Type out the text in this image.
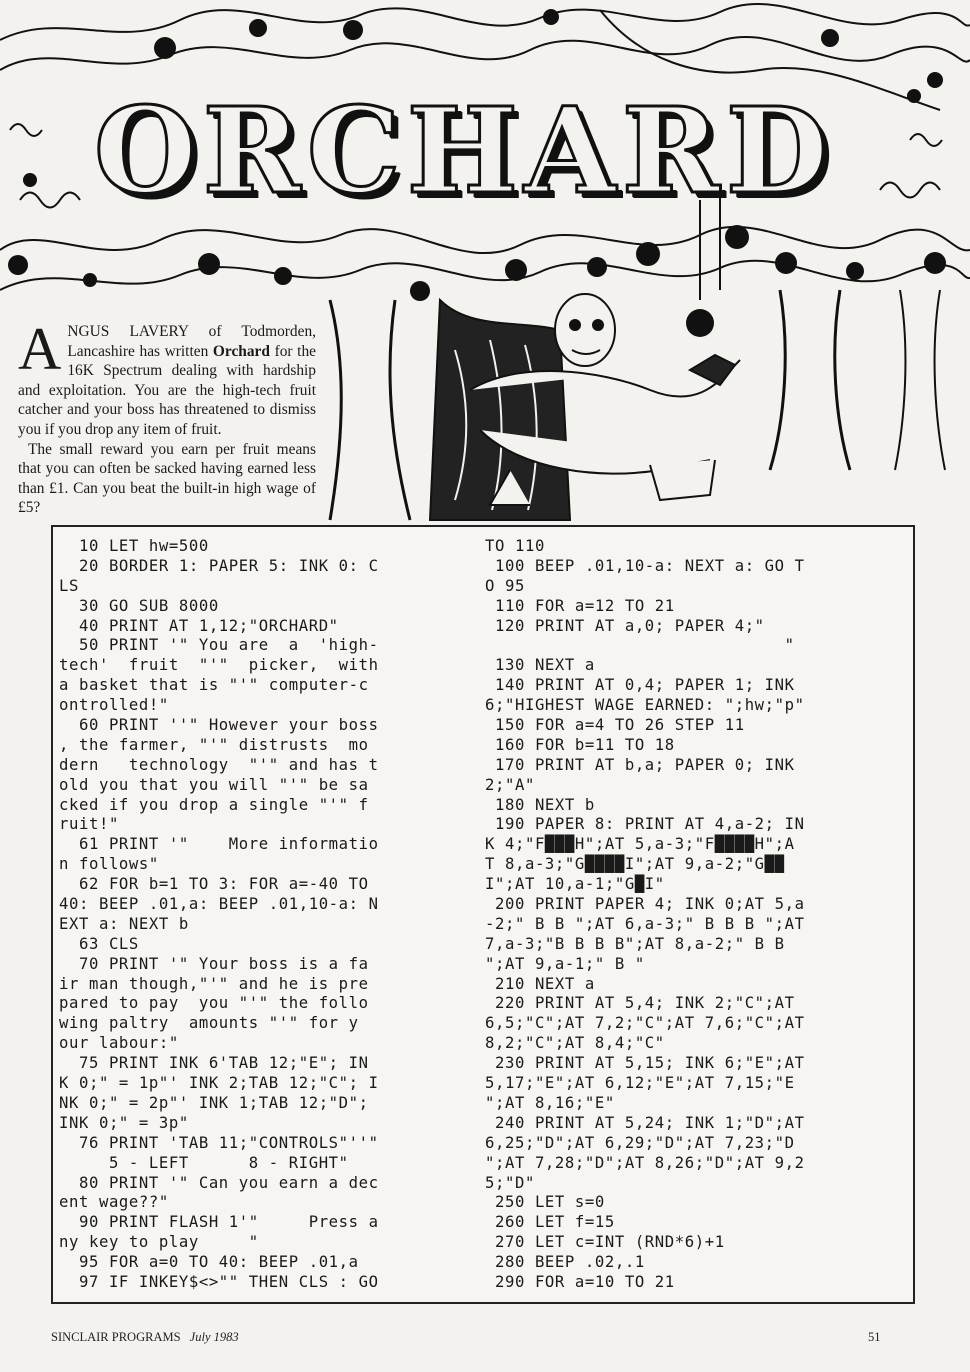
ORCHARD
A NGUS LAVERY of Todmorden, Lancashire has written Orchard for the 16K Spectrum dealing with hardship and exploitation. You are the high-tech fruit catcher and your boss has threatened to dismiss you if you drop any item of fruit.

The small reward you earn per fruit means that you can often be sacked having earned less than £1. Can you beat the built-in high wage of £5?

10 LET hw=500
20 BORDER 1: PAPER 5: INK 0: C
LS
30 GO SUB 8000
40 PRINT AT 1,12;"ORCHARD"
50 PRINT '" You are  a  'high-
tech'  fruit  "'"  picker,  with
a basket that is "'" computer-c
ontrolled!"
60 PRINT ''" However your boss
, the farmer, "'" distrusts  mo
dern   technology  "'" and has t
old you that you will "'" be sa
cked if you drop a single "'" f
ruit!"
61 PRINT '"    More informatio
n follows"
62 FOR b=1 TO 3: FOR a=-40 TO
40: BEEP .01,a: BEEP .01,10-a: N
EXT a: NEXT b
63 CLS
70 PRINT '" Your boss is a fa
ir man though,"'" and he is pre
pared to pay  you "'" the follo
wing paltry  amounts "'" for y
our labour:"
75 PRINT INK 6'TAB 12;"E"; IN
K 0;" = 1p"' INK 2;TAB 12;"C"; I
NK 0;" = 2p"' INK 1;TAB 12;"D";
INK 0;" = 3p"
76 PRINT 'TAB 11;"CONTROLS"''"
5 - LEFT      8 - RIGHT"
80 PRINT '" Can you earn a dec
ent wage??"
90 PRINT FLASH 1'"     Press a
ny key to play     "
95 FOR a=0 TO 40: BEEP .01,a
97 IF INKEY$<>"" THEN CLS : GO
TO 110
100 BEEP .01,10-a: NEXT a: GO T
O 95
110 FOR a=12 TO 21
120 PRINT AT a,0; PAPER 4;"
"
130 NEXT a
140 PRINT AT 0,4; PAPER 1; INK
6;"HIGHEST WAGE EARNED: ";hw;"p"
150 FOR a=4 TO 26 STEP 11
160 FOR b=11 TO 18
170 PRINT AT b,a; PAPER 0; INK
2;"A"
180 NEXT b
190 PAPER 8: PRINT AT 4,a-2; IN
K 4;"F███H";AT 5,a-3;"F████H";A
T 8,a-3;"G████I";AT 9,a-2;"G██
I";AT 10,a-1;"G█I"
200 PRINT PAPER 4; INK 0;AT 5,a
-2;" B B ";AT 6,a-3;" B B B ";AT
7,a-3;"B B B B";AT 8,a-2;" B B
";AT 9,a-1;" B "
210 NEXT a
220 PRINT AT 5,4; INK 2;"C";AT
6,5;"C";AT 7,2;"C";AT 7,6;"C";AT
8,2;"C";AT 8,4;"C"
230 PRINT AT 5,15; INK 6;"E";AT
5,17;"E";AT 6,12;"E";AT 7,15;"E
";AT 8,16;"E"
240 PRINT AT 5,24; INK 1;"D";AT
6,25;"D";AT 6,29;"D";AT 7,23;"D
";AT 7,28;"D";AT 8,26;"D";AT 9,2
5;"D"
250 LET s=0
260 LET f=15
270 LET c=INT (RND*6)+1
280 BEEP .02,.1
290 FOR a=10 TO 21
SINCLAIR PROGRAMS July 1983	51
